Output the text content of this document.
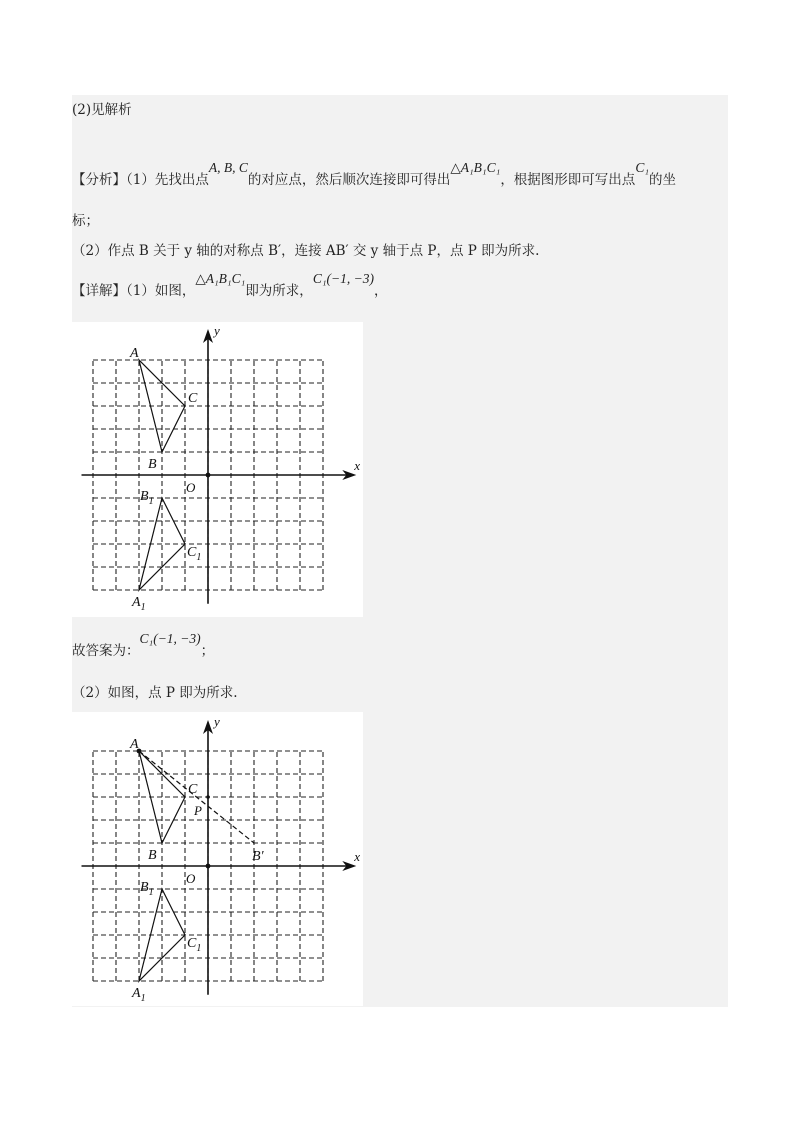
(2)见解析
【分析】（1）先找出点A, B, C的对应点，然后顺次连接即可得出△A₁B₁C₁，根据图形即可写出点C₁的坐
标；
（2）作点 B 关于 y 轴的对称点 B′，连接 AB′ 交 y 轴于点 P，点 P 即为所求.
【详解】（1）如图，△A₁B₁C₁即为所求，C₁(−1, −3)，
x
y
O
A
B
C
$B_1$
$C_1$
$A_1$
故答案为：C₁(−1, −3)；
（2）如图，点 P 即为所求.
x
y
O
P
B′
A
B
C
$B_1$
$C_1$
$A_1$
